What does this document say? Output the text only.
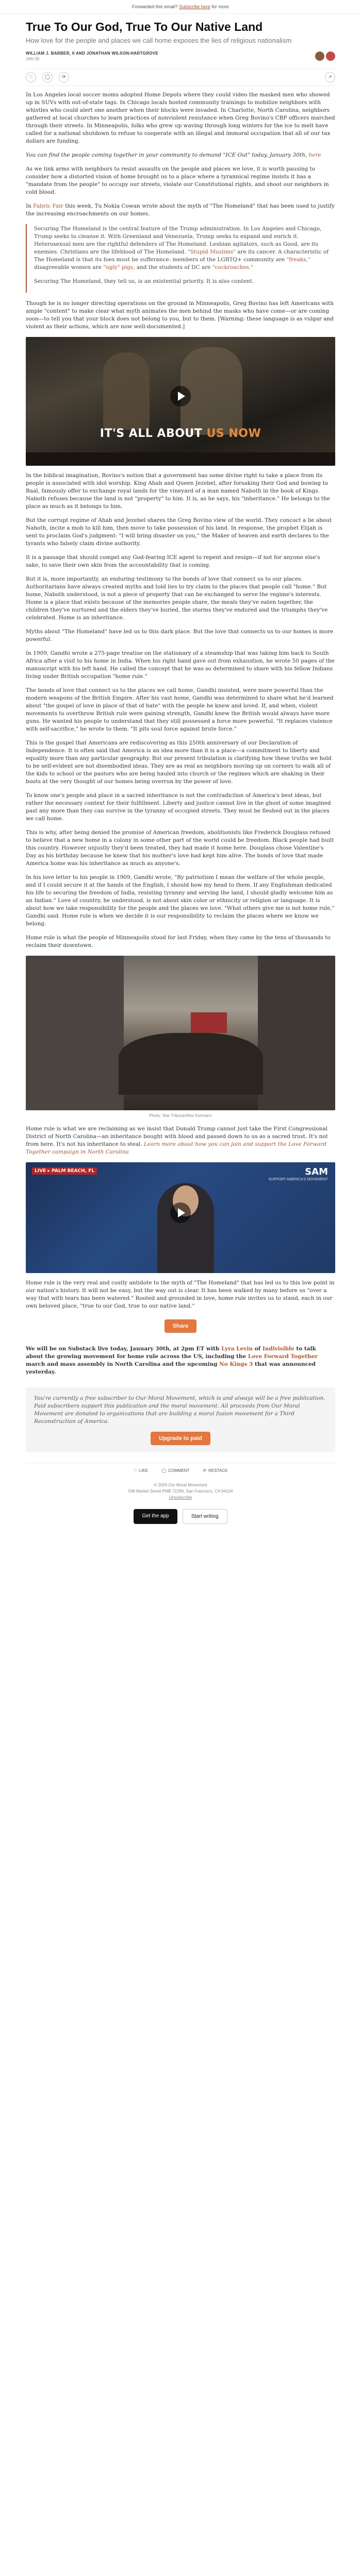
Forwarded this email? Subscribe here for more
True To Our God, True To Our Native Land
How love for the people and places we call home exposes the lies of religious nationalism
WILLIAM J. BARBER, II AND JONATHAN WILSON-HARTGROVE
JAN 30
♡	◯	⟳	↗

In Los Angeles local soccer moms adopted Home Depots where they could video the masked men who showed up in SUVs with out-of-state tags. In Chicago locals hosted community trainings to mobilize neighbors with whistles who could alert one another when their blocks were invaded. In Charlotte, North Carolina, neighbors gathered at local churches to learn practices of nonviolent resistance when Greg Bovino's CBP officers marched through their streets. In Minneapolis, folks who grew up waving through long winters for the ice to melt have called for a national shutdown to refuse to cooperate with an illegal and immoral occupation that all of our tax dollars are funding.

You can find the people coming together in your community to demand "ICE Out" today, January 30th, here

As we link arms with neighbors to resist assaults on the people and places we love, it is worth pausing to consider how a distorted vision of home brought us to a place where a tyrannical regime insists it has a "mandate from the people" to occupy our streets, violate our Constitutional rights, and shoot our neighbors in cold blood.

In Fabric Fair this week, Tu Nokia Cowan wrote about the myth of "The Homeland" that has been used to justify the increasing encroachments on our homes.

Securing The Homeland is the central feature of the Trump administration. In Los Angeles and Chicago, Trump seeks to cleanse it. With Greenland and Venezuela, Trump seeks to expand and enrich it. Heterosexual men are the rightful defenders of The Homeland. Lesbian agitators, such as Good, are its enemies. Christians are the lifeblood of The Homeland. "Stupid Muslims" are its cancer. A characteristic of The Homeland is that its foes must be sufferance: members of the LGBTQ+ community are "freaks," disagreeable women are "ugly" pigs, and the students of DC are "cockroaches."

Securing The Homeland, they tell us, is an existential priority. It is also content.

Though he is no longer directing operations on the ground in Minneapolis, Greg Bovino has left Americans with ample "content" to make clear what myth animates the men behind the masks who have come—or are coming soon—to tell you that your block does not belong to you, but to them. [Warning: these language is as vulgar and violent as their actions, which are now well-documented.]

IT'S ALL ABOUT US NOW

In the biblical imagination, Bovino's notion that a government has some divine right to take a place from its people is associated with idol worship. King Ahab and Queen Jezebel, after forsaking their God and bowing to Baal, famously offer to exchange royal lands for the vineyard of a man named Naboth in the book of Kings. Naboth refuses because the land is not "property" to him. It is, as he says, his "inheritance." He belongs to the place as much as it belongs to him.

But the corrupt regime of Ahab and Jezebel shares the Greg Bovino view of the world. They concoct a lie about Naboth, incite a mob to kill him, then move to take possession of his land. In response, the prophet Elijah is sent to proclaim God's judgment: "I will bring disaster on you," the Maker of heaven and earth declares to the tyrants who falsely claim divine authority.

It is a passage that should compel any God-fearing ICE agent to repent and resign—if not for anyone else's sake, to save their own skin from the accountability that is coming.

But it is, more importantly, an enduring testimony to the bonds of love that connect us to our places. Authoritarians have always created myths and told lies to try claim to the places that people call "home." But home, Naboth understood, is not a piece of property that can be exchanged to serve the regime's interests. Home is a place that exists because of the memories people share, the meals they've eaten together, the children they've nurtured and the elders they've buried, the storms they've endured and the triumphs they've celebrated. Home is an inheritance.

Myths about "The Homeland" have led us to this dark place. But the love that connects us to our homes is more powerful.

In 1909, Gandhi wrote a 275-page treatise on the stationary of a steamship that was taking him back to South Africa after a visit to his home in India. When his right hand gave out from exhaustion, he wrote 50 pages of the manuscript with his left hand. He called the concept that he was so determined to share with his fellow Indians living under British occupation "home rule."

The bonds of love that connect us to the places we call home, Gandhi insisted, were more powerful than the modern weapons of the British Empire. After his vast home, Gandhi was determined to share what he'd learned about "the gospel of love in place of that of hate" with the people he knew and loved. If, and when, violent movements to overthrow British rule were gaining strength, Gandhi knew the British would always have more guns. He wanted his people to understand that they still possessed a force more powerful. "It replaces violence with self-sacrifice," he wrote to them. "It pits soul force against brute force."

This is the gospel that Americans are rediscovering as this 250th anniversary of our Declaration of Independence. It is often said that America is an idea more than it is a place—a commitment to liberty and equality more than any particular geography. But our present tribulation is clarifying how these truths we hold to be self-evident are not disembodied ideas. They are as real as neighbors moving up on corners to walk all of the kids to school or the pastors who are being hauled into church or the regimes which are shaking in their boots at the very thought of our homes being overrun by the power of love.

To know one's people and place in a sacred inheritance is not the contradiction of America's best ideas, but rather the necessary context for their fulfillment. Liberty and justice cannot live in the ghost of some imagined past any more than they can survive in the tyranny of occupied streets. They must be fleshed out in the places we call home.

This is why, after being denied the promise of American freedom, abolitionists like Frederick Douglass refused to believe that a new home in a colony in some other part of the world could be freedom. Black people had built this country. However unjustly they'd been treated, they had made it home here. Douglass chose Valentine's Day as his birthday because he knew that his mother's love had kept him alive. The bonds of love that made America home was his inheritance as much as anyone's.

In his love letter to his people in 1909, Gandhi wrote, "By patriotism I mean the welfare of the whole people, and if I could secure it at the hands of the English, I should bow my head to them. If any Englishman dedicated his life to securing the freedom of India, resisting tyranny and serving the land, I should gladly welcome him as an Indian." Love of country, he understood, is not about skin color or ethnicity or religion or language. It is about how we take responsibility for the people and the places we love. "What others give me is not home rule," Gandhi said. Home rule is when we decide it is our responsibility to reclaim the places where we know we belong.

Home rule is what the people of Minneapolis stood for last Friday, when they came by the tens of thousands to reclaim their downtown.

Photo: Star Tribune/Alex Kormann

Home rule is what we are reclaiming as we insist that Donald Trump cannot just take the First Congressional District of North Carolina—an inheritance bought with blood and passed down to us as a sacred trust. It's not from here. It's not his inheritance to steal. Learn more about how you can join and support the Love Forward Together campaign in North Carolina

LIVE ▸ PALM BEACH, FL	SAM
SUPPORT AMERICA'S MOVEMENT

Home rule is the very real and costly antidote to the myth of "The Homeland" that has led us to this low point in our nation's history. It will not be easy, but the way out is clear. It has been walked by many before us "over a way that with tears has been watered." Rooted and grounded in love, home rule invites us to stand, each in our own beloved place, "true to our God, true to our native land."

Share

We will be on Substack live today, January 30th, at 2pm ET with Lyra Levin of Indivisible to talk about the growing movement for home rule across the US, including the Love Forward Together march and mass assembly in North Carolina and the upcoming No Kings 3 that was announced yesterday.

You're currently a free subscriber to Our Moral Movement, which is and always will be a free publication. Paid subscribers support this publication and the moral movement. All proceeds from Our Moral Movement are donated to organizations that are building a moral fusion movement for a Third Reconstruction of America.

Upgrade to paid
♡ LIKE	◯ COMMENT	⟳ RESTACK
© 2026 Our Moral Movement
548 Market Street PMB 72296, San Francisco, CA 94104
Unsubscribe
Get the app	Start writing
